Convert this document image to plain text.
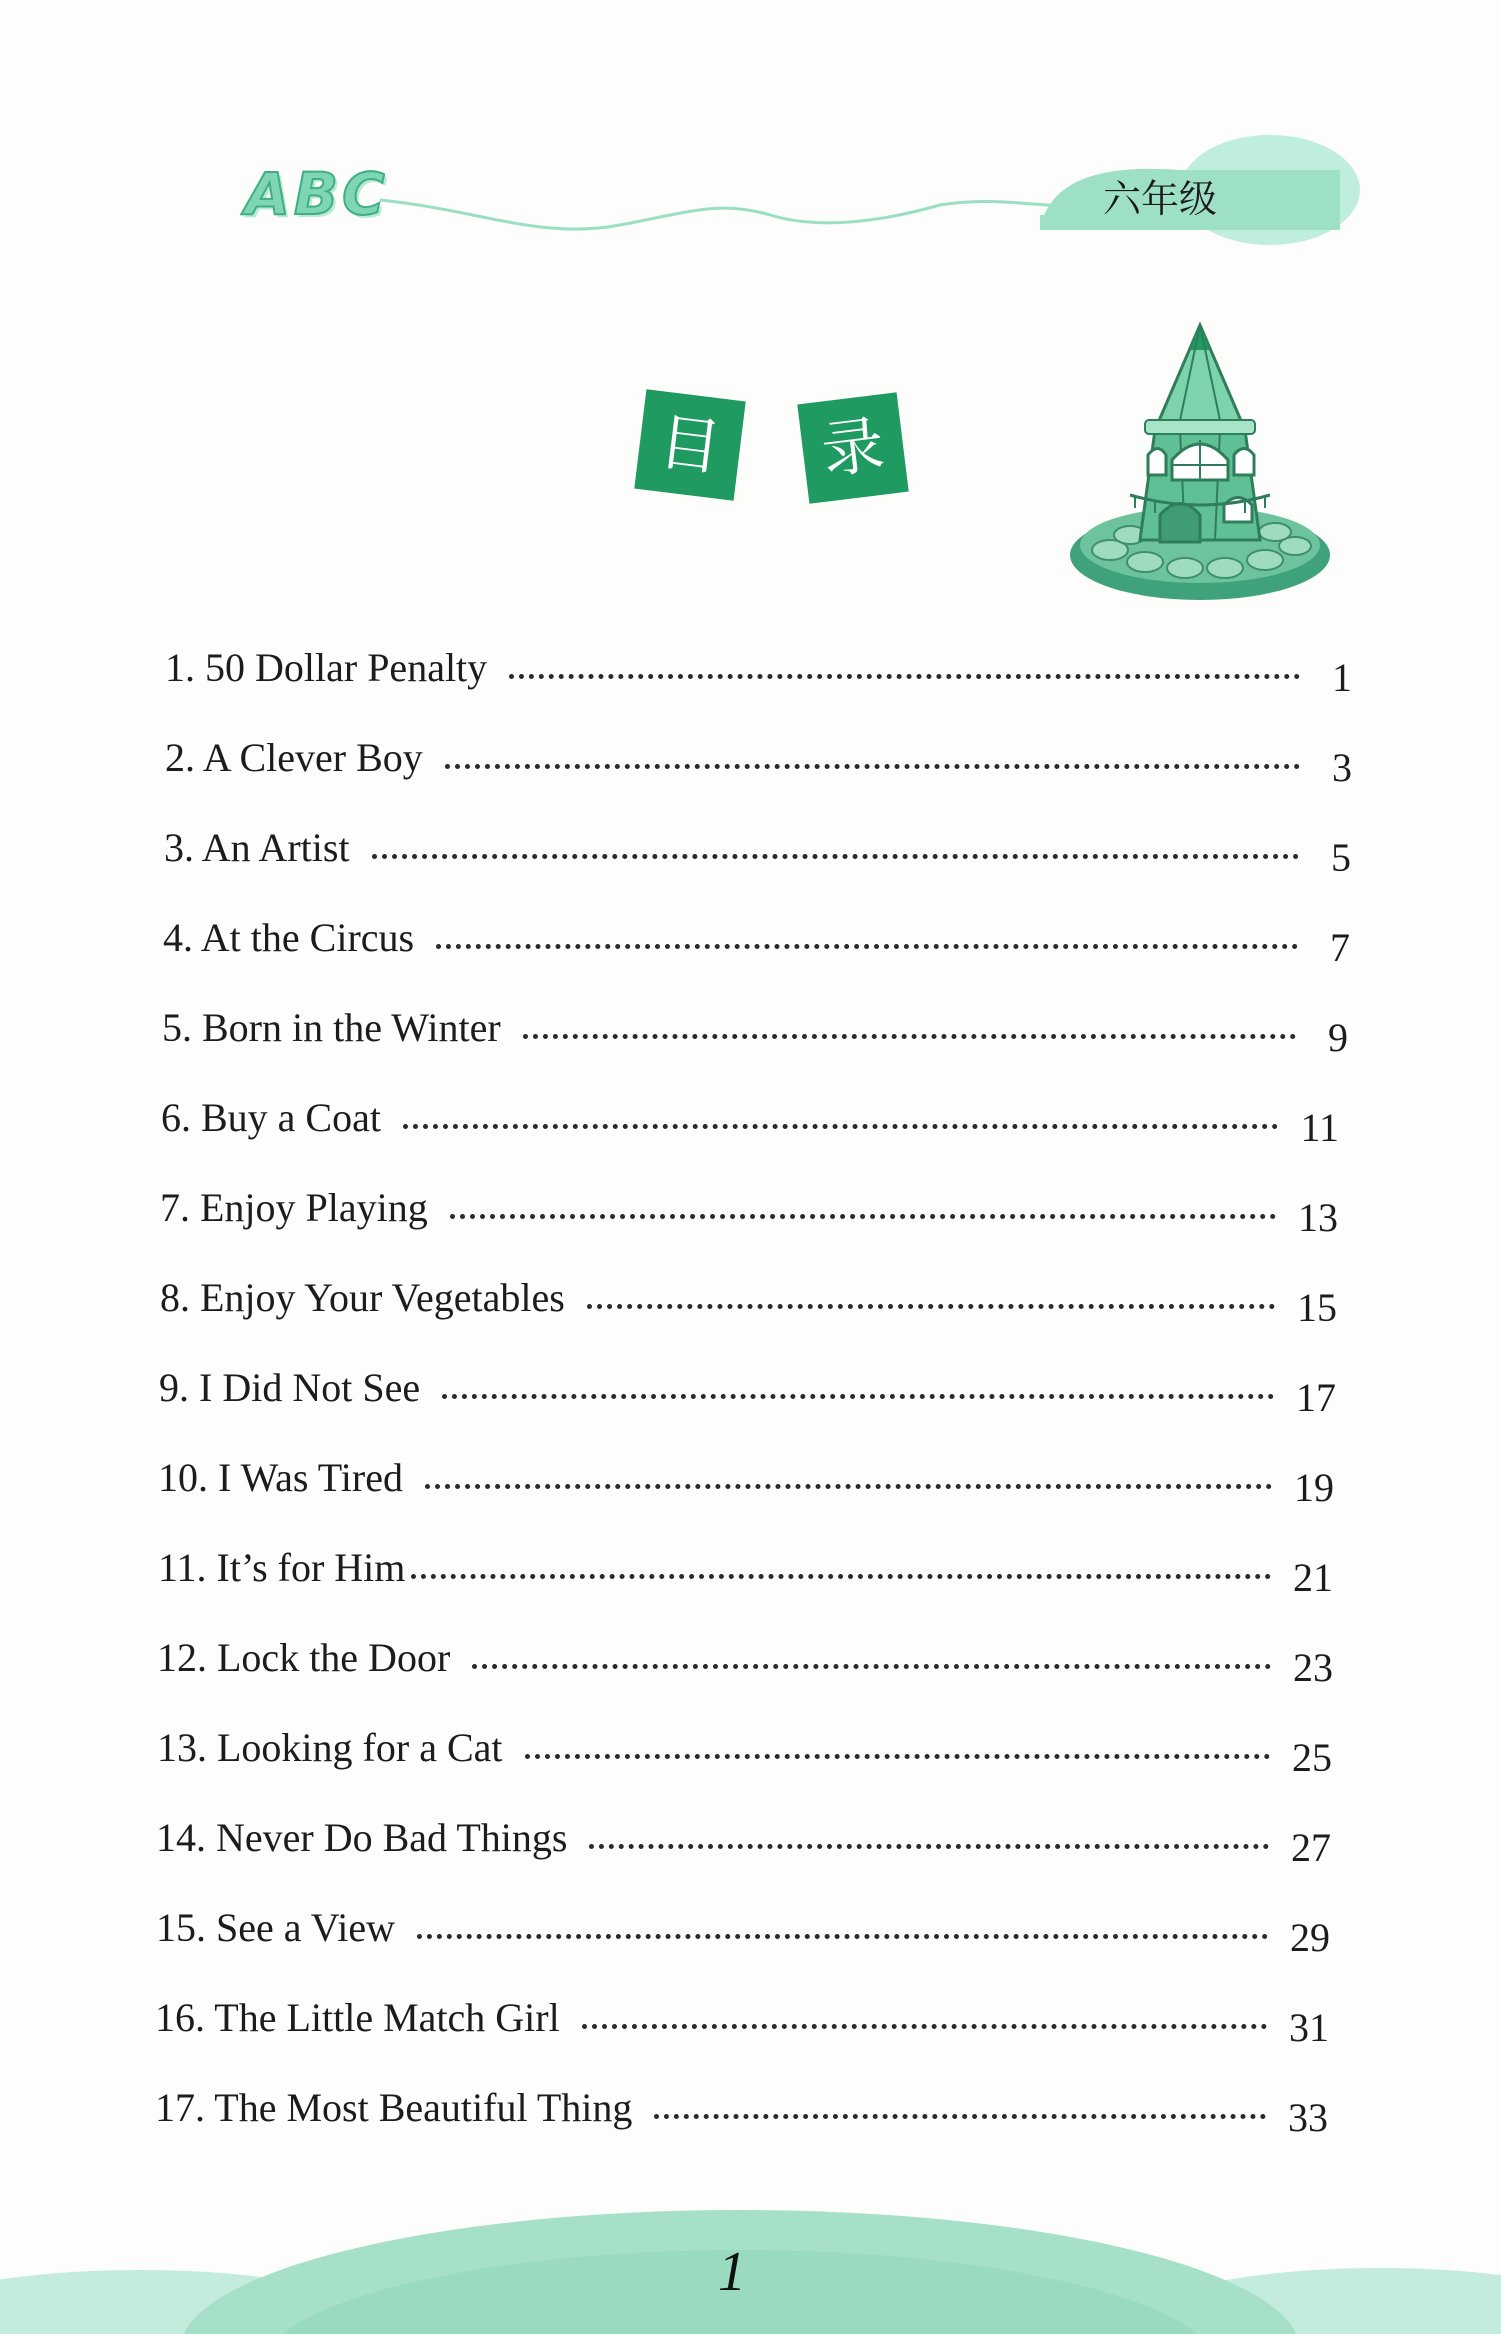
ABC	六年级
目	录
1. 50 Dollar Penalty	1
2. A Clever Boy	3
3. An Artist	5
4. At the Circus	7
5. Born in the Winter	9
6. Buy a Coat	11
7. Enjoy Playing	13
8. Enjoy Your Vegetables	15
9. I Did Not See	17
10. I Was Tired	19
11. It’s for Him	21
12. Lock the Door	23
13. Looking for a Cat	25
14. Never Do Bad Things	27
15. See a View	29
16. The Little Match Girl	31
17. The Most Beautiful Thing	33
1
